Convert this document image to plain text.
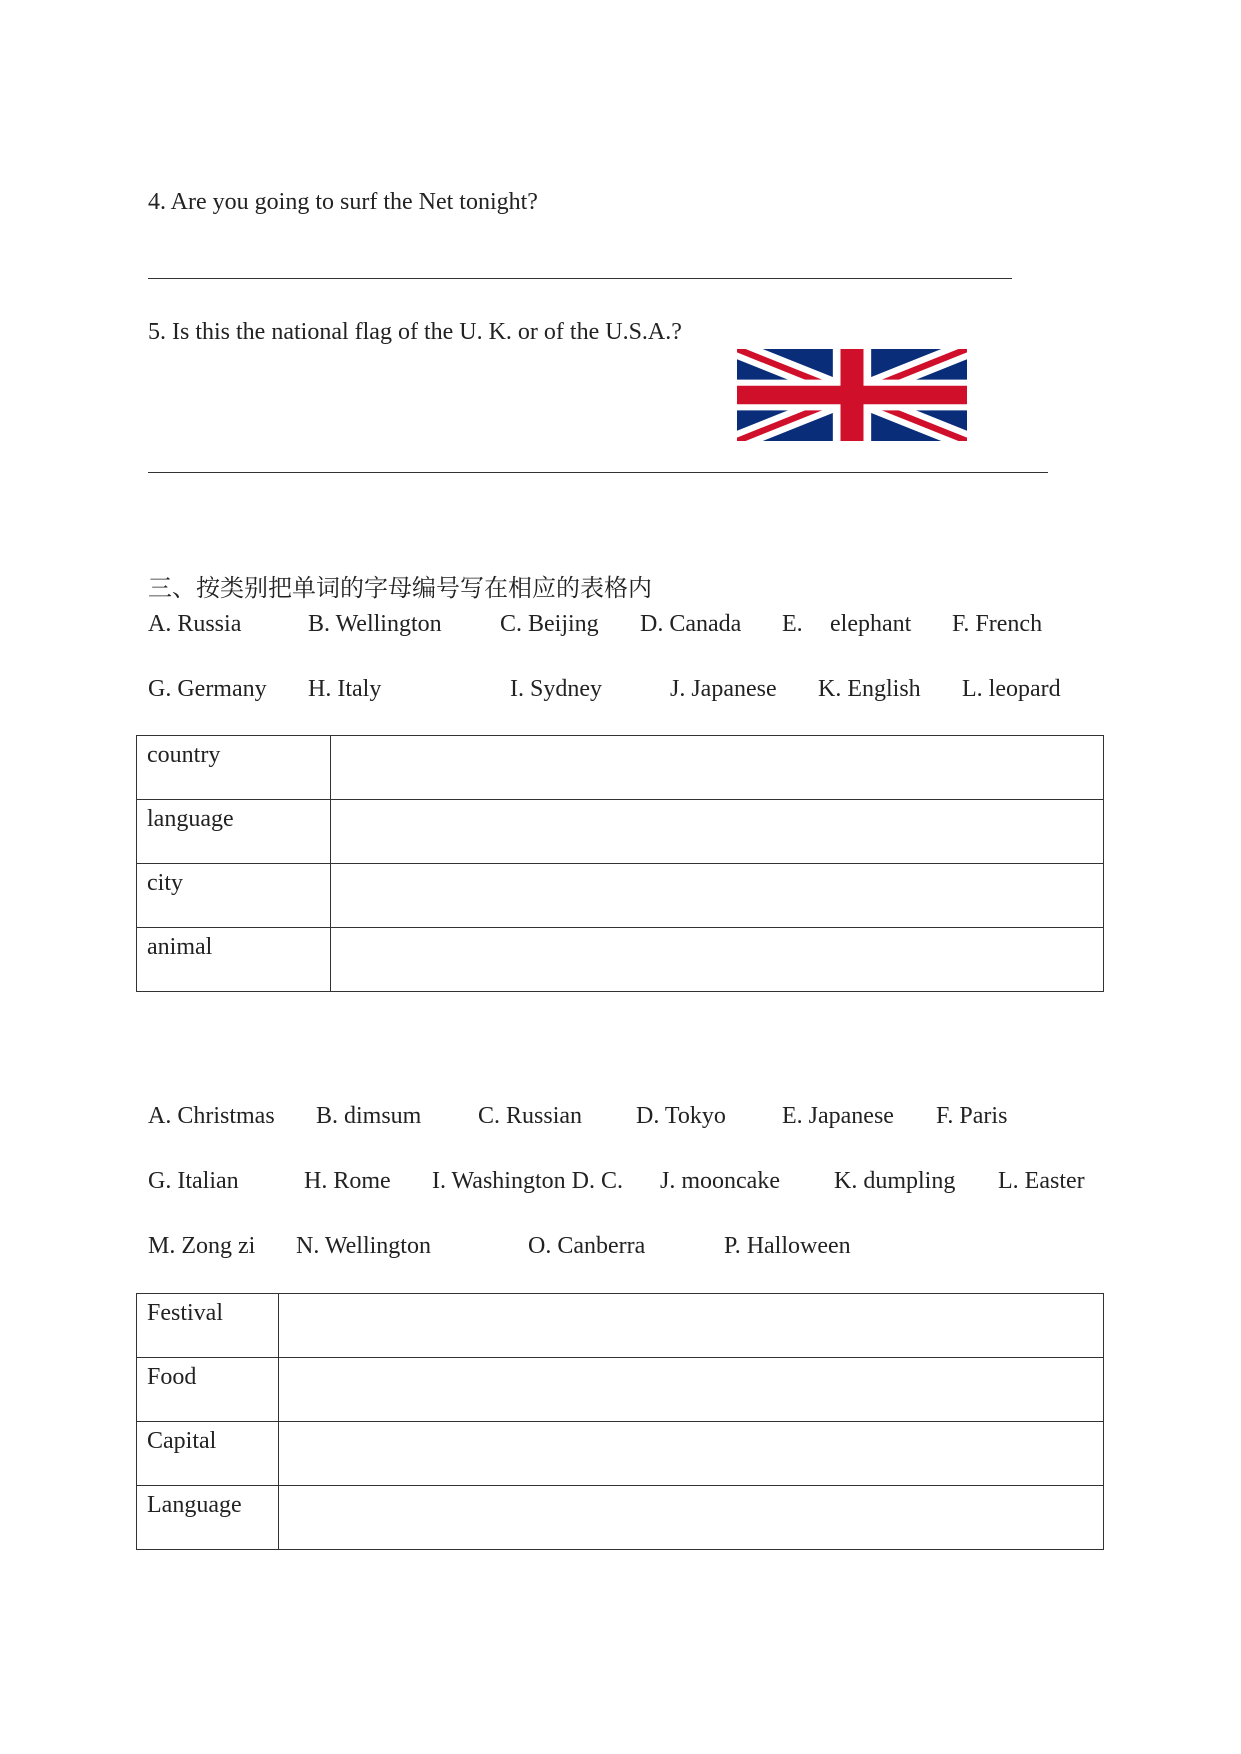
4. Are you going to surf the Net tonight?
5. Is this the national flag of the U. K. or of the U.S.A.?
三、按类别把单词的字母编号写在相应的表格内
A. Russia	B. Wellington C. Beijing D. Canada E. elephant F. French
G. Germany H. Italy	I. Sydney	J. Japanese K. English L. leopard
country	
language	
city	
animal	
A. Christmas B. dimsum C. Russian D. Tokyo E. Japanese F. Paris
G. Italian	H. Rome I. Washington D. C. J. mooncake K. dumpling L. Easter
M. Zong zi N. Wellington	O. Canberra	P. Halloween
Festival	
Food	
Capital	
Language	
